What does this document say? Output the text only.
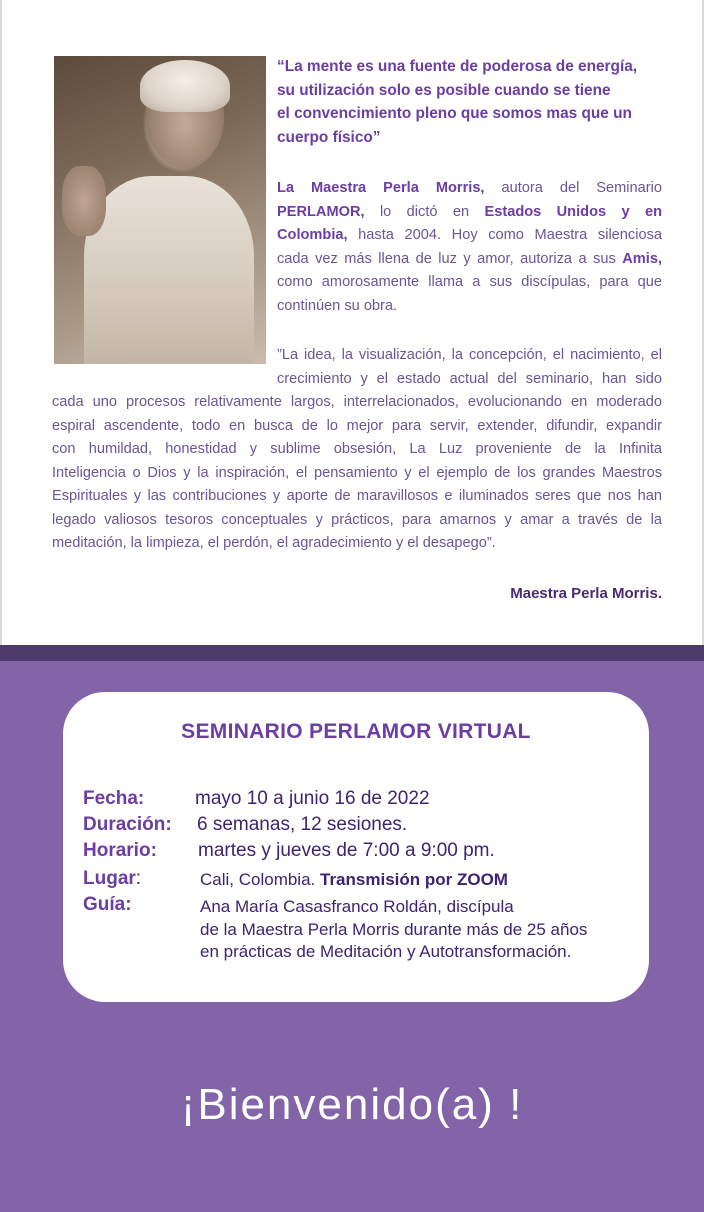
“La mente es una fuente de poderosa de energía,
su utilización solo es posible cuando se tiene
el convencimiento pleno que somos mas que un
cuerpo físico”

La Maestra Perla Morris, autora del Seminario
PERLAMOR, lo dictó en Estados Unidos y en
Colombia, hasta 2004. Hoy como Maestra silenciosa
cada vez más llena de luz y amor, autoriza a sus Amis,
como amorosamente llama a sus discípulas, para que
continúen su obra.
”La idea, la visualización, la concepción, el nacimiento, el
crecimiento y el estado actual del seminario, han sido
cada uno procesos relativamente largos, interrelacionados, evolucionando en moderado
espiral ascendente, todo en busca de lo mejor para servir, extender, difundir, expandir
con humildad, honestidad y sublime obsesión, La Luz proveniente de la Infinita
Inteligencia o Dios y la inspiración, el pensamiento y el ejemplo de los grandes Maestros
Espirituales y las contribuciones y aporte de maravillosos e iluminados seres que nos han
legado valiosos tesoros conceptuales y prácticos, para amarnos y amar a través de la
meditación, la limpieza, el perdón, el agradecimiento y el desapego”.
Maestra Perla Morris.
SEMINARIO PERLAMOR VIRTUAL
Fecha:	mayo 10 a junio 16 de 2022
Duración: 6 semanas, 12 sesiones.
Horario: martes y jueves de 7:00 a 9:00 pm.
Lugar:	Cali, Colombia. Transmisión por ZOOM
Guía:	Ana María Casasfranco Roldán, discípula
de la Maestra Perla Morris durante más de 25 años
en prácticas de Meditación y Autotransformación.
¡Bienvenido(a) !
